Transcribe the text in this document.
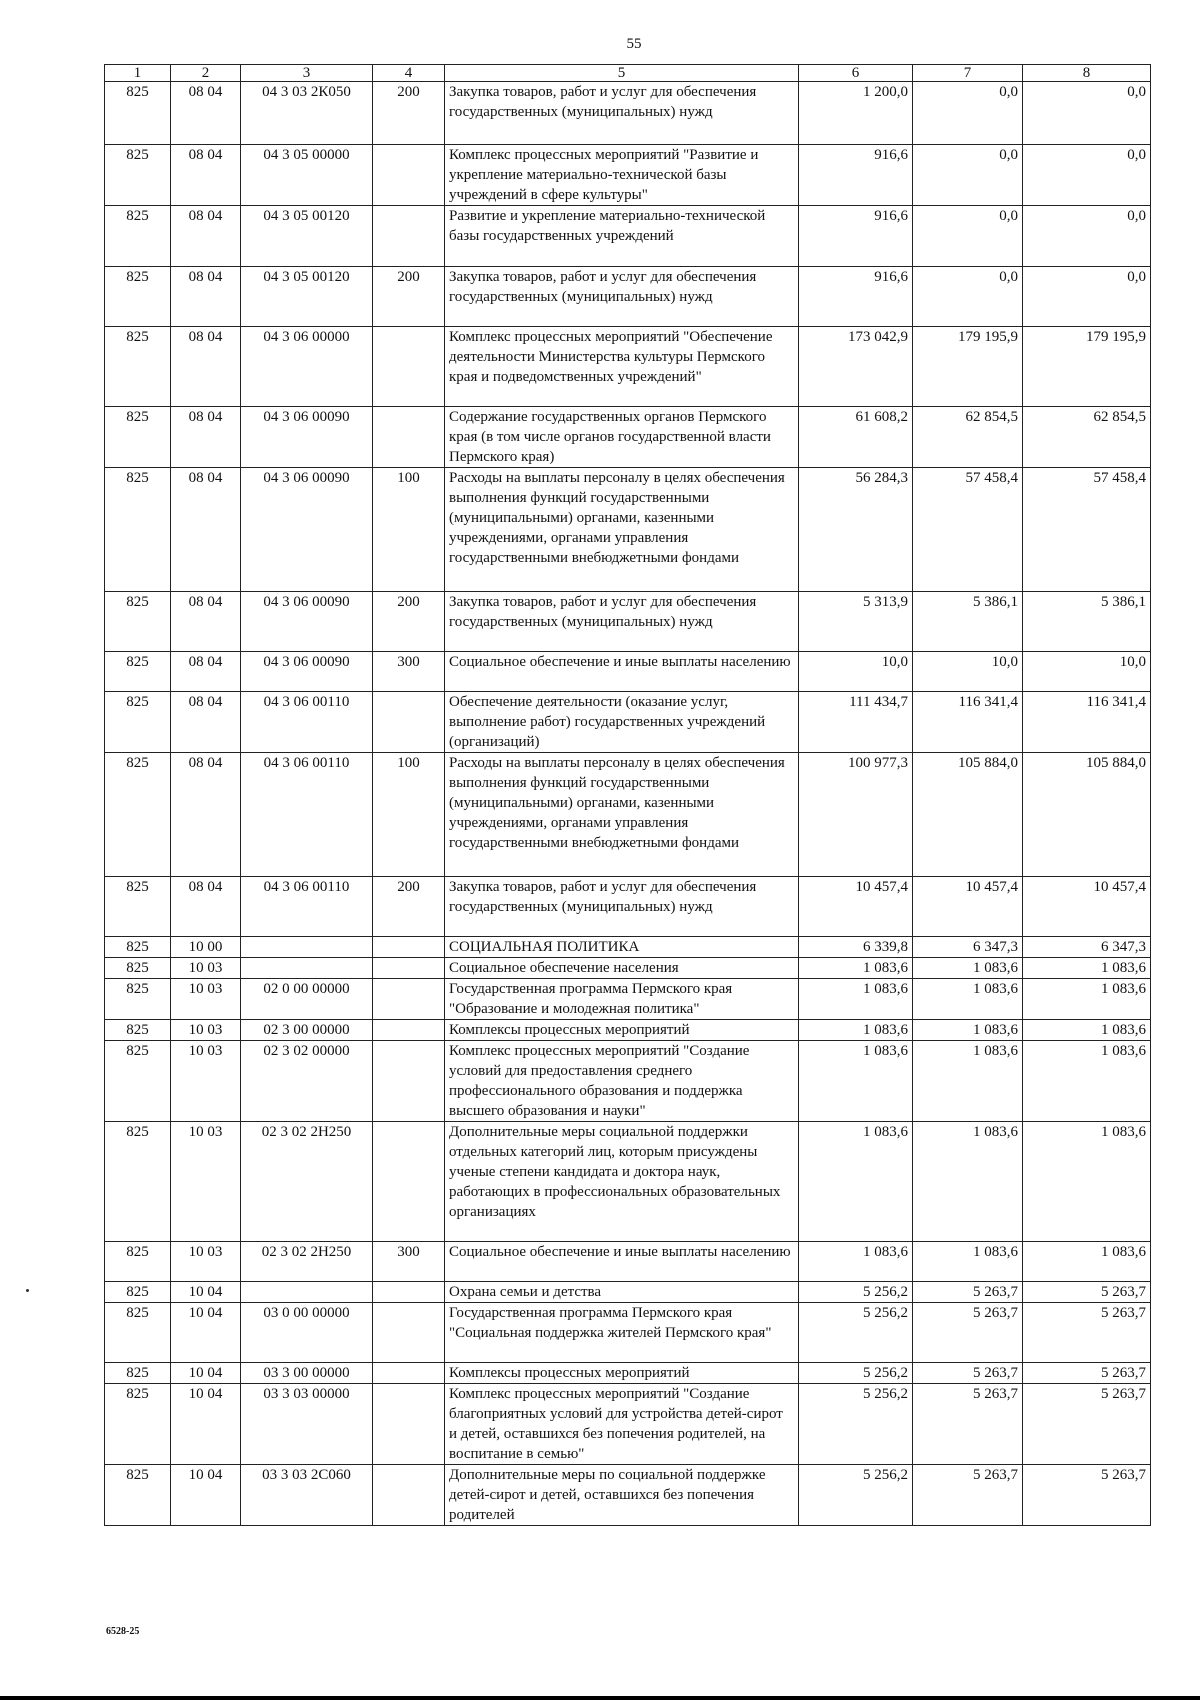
55
1	2	3	4	5	6	7	8
825	08 04	04 3 03 2К050	200	Закупка товаров, работ и услуг для обеспечения государственных (муниципальных) нужд	1 200,0	0,0	0,0
825	08 04	04 3 05 00000		Комплекс процессных мероприятий "Развитие и укрепление материально-технической базы учреждений в сфере культуры"	916,6	0,0	0,0
825	08 04	04 3 05 00120		Развитие и укрепление материально-технической базы государственных учреждений	916,6	0,0	0,0
825	08 04	04 3 05 00120	200	Закупка товаров, работ и услуг для обеспечения государственных (муниципальных) нужд	916,6	0,0	0,0
825	08 04	04 3 06 00000		Комплекс процессных мероприятий "Обеспечение деятельности Министерства культуры Пермского края и подведомственных учреждений"	173 042,9	179 195,9	179 195,9
825	08 04	04 3 06 00090		Содержание государственных органов Пермского края (в том числе органов государственной власти Пермского края)	61 608,2	62 854,5	62 854,5
825	08 04	04 3 06 00090	100	Расходы на выплаты персоналу в целях обеспечения выполнения функций государственными (муниципальными) органами, казенными учреждениями, органами управления государственными внебюджетными фондами	56 284,3	57 458,4	57 458,4
825	08 04	04 3 06 00090	200	Закупка товаров, работ и услуг для обеспечения государственных (муниципальных) нужд	5 313,9	5 386,1	5 386,1
825	08 04	04 3 06 00090	300	Социальное обеспечение и иные выплаты населению	10,0	10,0	10,0
825	08 04	04 3 06 00110		Обеспечение деятельности (оказание услуг, выполнение работ) государственных учреждений (организаций)	111 434,7	116 341,4	116 341,4
825	08 04	04 3 06 00110	100	Расходы на выплаты персоналу в целях обеспечения выполнения функций государственными (муниципальными) органами, казенными учреждениями, органами управления государственными внебюджетными фондами	100 977,3	105 884,0	105 884,0
825	08 04	04 3 06 00110	200	Закупка товаров, работ и услуг для обеспечения государственных (муниципальных) нужд	10 457,4	10 457,4	10 457,4
825	10 00			СОЦИАЛЬНАЯ ПОЛИТИКА	6 339,8	6 347,3	6 347,3
825	10 03			Социальное обеспечение населения	1 083,6	1 083,6	1 083,6
825	10 03	02 0 00 00000		Государственная программа Пермского края "Образование и молодежная политика"	1 083,6	1 083,6	1 083,6
825	10 03	02 3 00 00000		Комплексы процессных мероприятий	1 083,6	1 083,6	1 083,6
825	10 03	02 3 02 00000		Комплекс процессных мероприятий "Создание условий для предоставления среднего профессионального образования и поддержка высшего образования и науки"	1 083,6	1 083,6	1 083,6
825	10 03	02 3 02 2Н250		Дополнительные меры социальной поддержки отдельных категорий лиц, которым присуждены ученые степени кандидата и доктора наук, работающих в профессиональных образовательных организациях	1 083,6	1 083,6	1 083,6
825	10 03	02 3 02 2Н250	300	Социальное обеспечение и иные выплаты населению	1 083,6	1 083,6	1 083,6
825	10 04			Охрана семьи и детства	5 256,2	5 263,7	5 263,7
825	10 04	03 0 00 00000		Государственная программа Пермского края "Социальная поддержка жителей Пермского края"	5 256,2	5 263,7	5 263,7
825	10 04	03 3 00 00000		Комплексы процессных мероприятий	5 256,2	5 263,7	5 263,7
825	10 04	03 3 03 00000		Комплекс процессных мероприятий "Создание благоприятных условий для устройства детей-сирот и детей, оставшихся без попечения родителей, на воспитание в семью"	5 256,2	5 263,7	5 263,7
825	10 04	03 3 03 2С060		Дополнительные меры по социальной поддержке детей-сирот и детей, оставшихся без попечения родителей	5 256,2	5 263,7	5 263,7
6528-25
